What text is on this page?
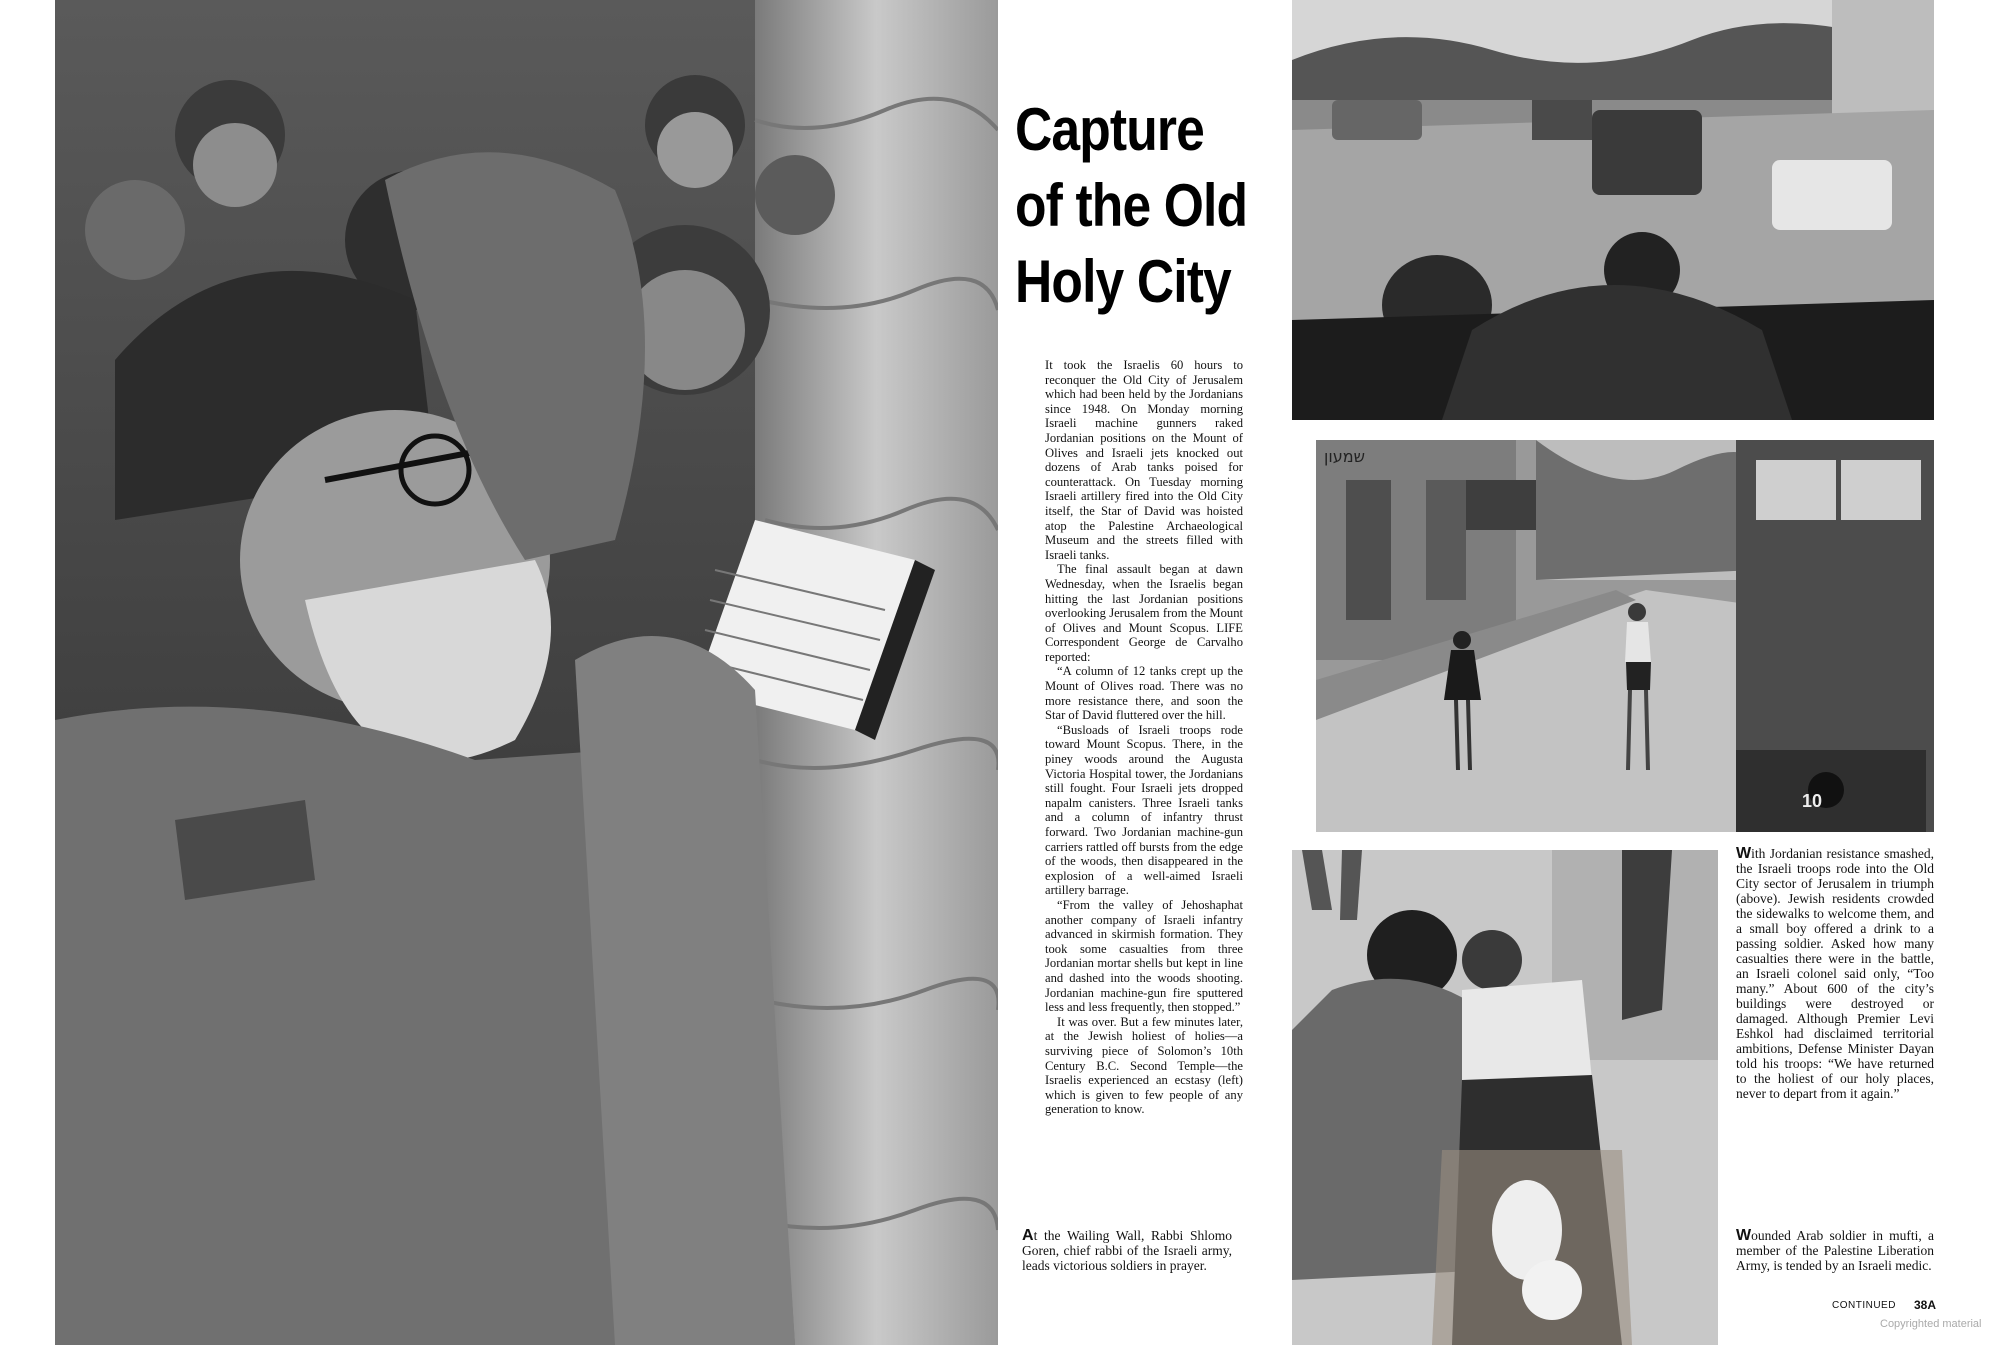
Capture
of the Old
Holy City

It took the Israelis 60 hours to reconquer the Old City of Jerusalem which had been held by the Jordanians since 1948. On Monday morning Israeli machine gunners raked Jordanian positions on the Mount of Olives and Israeli jets knocked out dozens of Arab tanks poised for counterattack. On Tuesday morning Israeli artillery fired into the Old City itself, the Star of David was hoisted atop the Palestine Archaeological Museum and the streets filled with Israeli tanks.

The final assault began at dawn Wednesday, when the Israelis began hitting the last Jordanian positions overlooking Jerusalem from the Mount of Olives and Mount Scopus. LIFE Correspondent George de Carvalho reported:

“A column of 12 tanks crept up the Mount of Olives road. There was no more resistance there, and soon the Star of David fluttered over the hill.

“Busloads of Israeli troops rode toward Mount Scopus. There, in the piney woods around the Augusta Victoria Hospital tower, the Jordanians still fought. Four Israeli jets dropped napalm canisters. Three Israeli tanks and a column of infantry thrust forward. Two Jordanian machine-gun carriers rattled off bursts from the edge of the woods, then disappeared in the explosion of a well-aimed Israeli artillery barrage.

“From the valley of Jehoshaphat another company of Israeli infantry advanced in skirmish formation. They took some casualties from three Jordanian mortar shells but kept in line and dashed into the woods shooting. Jordanian machine-gun fire sputtered less and less frequently, then stopped.”

It was over. But a few minutes later, at the Jewish holiest of holies—a surviving piece of Solomon’s 10th Century B.C. Second Temple—the Israelis experienced an ecstasy (left) which is given to few people of any generation to know.

At the Wailing Wall, Rabbi Shlomo Goren, chief rabbi of the Israeli army, leads victorious soldiers in prayer.
10
שמעון
With Jordanian resistance smashed, the Israeli troops rode into the Old City sector of Jerusalem in triumph (above). Jewish residents crowded the sidewalks to welcome them, and a small boy offered a drink to a passing soldier. Asked how many casualties there were in the battle, an Israeli colonel said only, “Too many.” About 600 of the city’s buildings were destroyed or damaged. Although Premier Levi Eshkol had disclaimed territorial ambitions, Defense Minister Dayan told his troops: “We have returned to the holiest of our holy places, never to depart from it again.”
Wounded Arab soldier in mufti, a member of the Palestine Liberation Army, is tended by an Israeli medic.
CONTINUED 38A
Copyrighted material
